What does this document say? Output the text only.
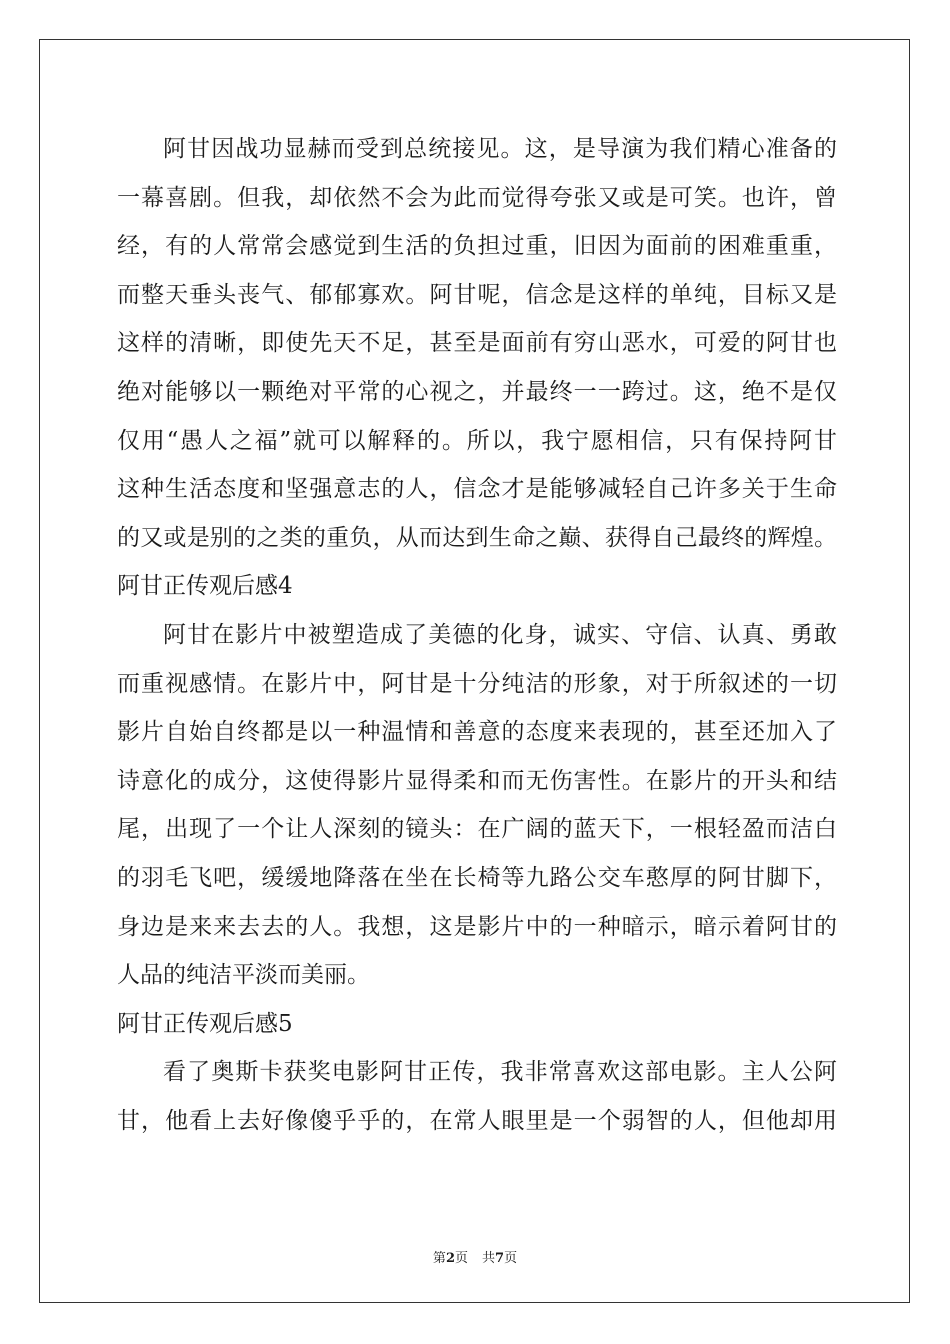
阿甘因战功显赫而受到总统接见。这，是导演为我们精心准备的
一幕喜剧。但我，却依然不会为此而觉得夸张又或是可笑。也许，曾
经，有的人常常会感觉到生活的负担过重，旧因为面前的困难重重，
而整天垂头丧气、郁郁寡欢。阿甘呢，信念是这样的单纯，目标又是
这样的清晰，即使先天不足，甚至是面前有穷山恶水，可爱的阿甘也
绝对能够以一颗绝对平常的心视之，并最终一一跨过。这，绝不是仅
仅用“愚人之福”就可以解释的。所以，我宁愿相信，只有保持阿甘
这种生活态度和坚强意志的人，信念才是能够减轻自己许多关于生命
的又或是别的之类的重负，从而达到生命之巅、获得自己最终的辉煌。
阿甘正传观后感4
阿甘在影片中被塑造成了美德的化身，诚实、守信、认真、勇敢
而重视感情。在影片中，阿甘是十分纯洁的形象，对于所叙述的一切
影片自始自终都是以一种温情和善意的态度来表现的，甚至还加入了
诗意化的成分，这使得影片显得柔和而无伤害性。在影片的开头和结
尾，出现了一个让人深刻的镜头：在广阔的蓝天下，一根轻盈而洁白
的羽毛飞吧，缓缓地降落在坐在长椅等九路公交车憨厚的阿甘脚下，
身边是来来去去的人。我想，这是影片中的一种暗示，暗示着阿甘的
人品的纯洁平淡而美丽。
阿甘正传观后感5
看了奥斯卡获奖电影阿甘正传，我非常喜欢这部电影。主人公阿
甘，他看上去好像傻乎乎的，在常人眼里是一个弱智的人，但他却用
第2页 共7页
